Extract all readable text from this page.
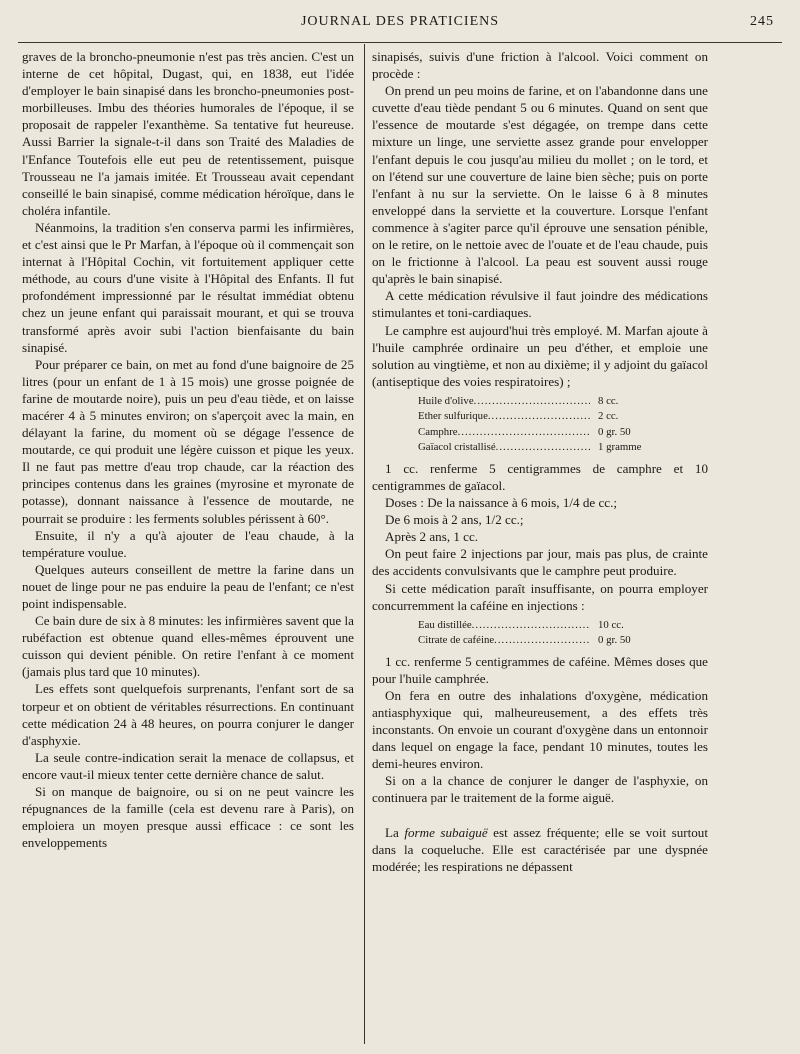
JOURNAL DES PRATICIENS	245

graves de la broncho-pneumonie n'est pas très ancien. C'est un interne de cet hôpital, Dugast, qui, en 1838, eut l'idée d'employer le bain sinapisé dans les broncho-pneumonies post-morbilleuses. Imbu des théories humorales de l'époque, il se proposait de rappeler l'exanthème. Sa tentative fut heureuse. Aussi Barrier la signale-t-il dans son Traité des Maladies de l'Enfance Toutefois elle eut peu de retentissement, puisque Trousseau ne l'a jamais imitée. Et Trousseau avait cependant conseillé le bain sinapisé, comme médication héroïque, dans le choléra infantile.

Néanmoins, la tradition s'en conserva parmi les infirmières, et c'est ainsi que le Pr Marfan, à l'époque où il commençait son internat à l'Hôpital Cochin, vit fortuitement appliquer cette méthode, au cours d'une visite à l'Hôpital des Enfants. Il fut profondément impressionné par le résultat immédiat obtenu chez un jeune enfant qui paraissait mourant, et qui se trouva transformé après avoir subi l'action bienfaisante du bain sinapisé.

Pour préparer ce bain, on met au fond d'une baignoire de 25 litres (pour un enfant de 1 à 15 mois) une grosse poignée de farine de moutarde noire), puis un peu d'eau tiède, et on laisse macérer 4 à 5 minutes environ; on s'aperçoit avec la main, en délayant la farine, du moment où se dégage l'essence de moutarde, ce qui produit une légère cuisson et pique les yeux. Il ne faut pas mettre d'eau trop chaude, car la réaction des principes contenus dans les graines (myrosine et myronate de potasse), donnant naissance à l'essence de moutarde, ne pourrait se produire : les ferments solubles périssent à 60°.

Ensuite, il n'y a qu'à ajouter de l'eau chaude, à la température voulue.

Quelques auteurs conseillent de mettre la farine dans un nouet de linge pour ne pas enduire la peau de l'enfant; ce n'est point indispensable.

Ce bain dure de six à 8 minutes: les infirmières savent que la rubéfaction est obtenue quand elles-mêmes éprouvent une cuisson qui devient pénible. On retire l'enfant à ce moment (jamais plus tard que 10 minutes).

Les effets sont quelquefois surprenants, l'enfant sort de sa torpeur et on obtient de véritables résurrections. En continuant cette médication 24 à 48 heures, on pourra conjurer le danger d'asphyxie.

La seule contre-indication serait la menace de collapsus, et encore vaut-il mieux tenter cette dernière chance de salut.

Si on manque de baignoire, ou si on ne peut vaincre les répugnances de la famille (cela est devenu rare à Paris), on emploiera un moyen presque aussi efficace : ce sont les enveloppements

sinapisés, suivis d'une friction à l'alcool. Voici comment on procède :

On prend un peu moins de farine, et on l'abandonne dans une cuvette d'eau tiède pendant 5 ou 6 minutes. Quand on sent que l'essence de moutarde s'est dégagée, on trempe dans cette mixture un linge, une serviette assez grande pour envelopper l'enfant depuis le cou jusqu'au milieu du mollet ; on le tord, et on l'étend sur une couverture de laine bien sèche; puis on porte l'enfant à nu sur la serviette. On le laisse 6 à 8 minutes enveloppé dans la serviette et la couverture. Lorsque l'enfant commence à s'agiter parce qu'il éprouve une sensation pénible, on le retire, on le nettoie avec de l'ouate et de l'eau chaude, puis on le frictionne à l'alcool. La peau est souvent aussi rouge qu'après le bain sinapisé.

A cette médication révulsive il faut joindre des médications stimulantes et toni-cardiaques.

Le camphre est aujourd'hui très employé. M. Marfan ajoute à l'huile camphrée ordinaire un peu d'éther, et emploie une solution au vingtième, et non au dixième; il y adjoint du gaïacol (antiseptique des voies respiratoires) ;

Huile d'olive .....	8 cc.
Ether sulfurique .....	2 cc.
Camphre .....	0 gr. 50
Gaïacol cristallisé .....	1 gramme

1 cc. renferme 5 centigrammes de camphre et 10 centigrammes de gaïacol.

Doses : De la naissance à 6 mois, 1/4 de cc.;

De 6 mois à 2 ans, 1/2 cc.;

Après 2 ans, 1 cc.

On peut faire 2 injections par jour, mais pas plus, de crainte des accidents convulsivants que le camphre peut produire.

Si cette médication paraît insuffisante, on pourra employer concurremment la caféine en injections :

Eau distillée .....	10 cc.
Citrate de caféine .....	0 gr. 50

1 cc. renferme 5 centigrammes de caféine. Mêmes doses que pour l'huile camphrée.

On fera en outre des inhalations d'oxygène, médication antiasphyxique qui, malheureusement, a des effets très inconstants. On envoie un courant d'oxygène dans un entonnoir dans lequel on engage la face, pendant 10 minutes, toutes les demi-heures environ.

Si on a la chance de conjurer le danger de l'asphyxie, on continuera par le traitement de la forme aiguë.

La forme subaiguë est assez fréquente; elle se voit surtout dans la coqueluche. Elle est caractérisée par une dyspnée modérée; les respirations ne dépassent
